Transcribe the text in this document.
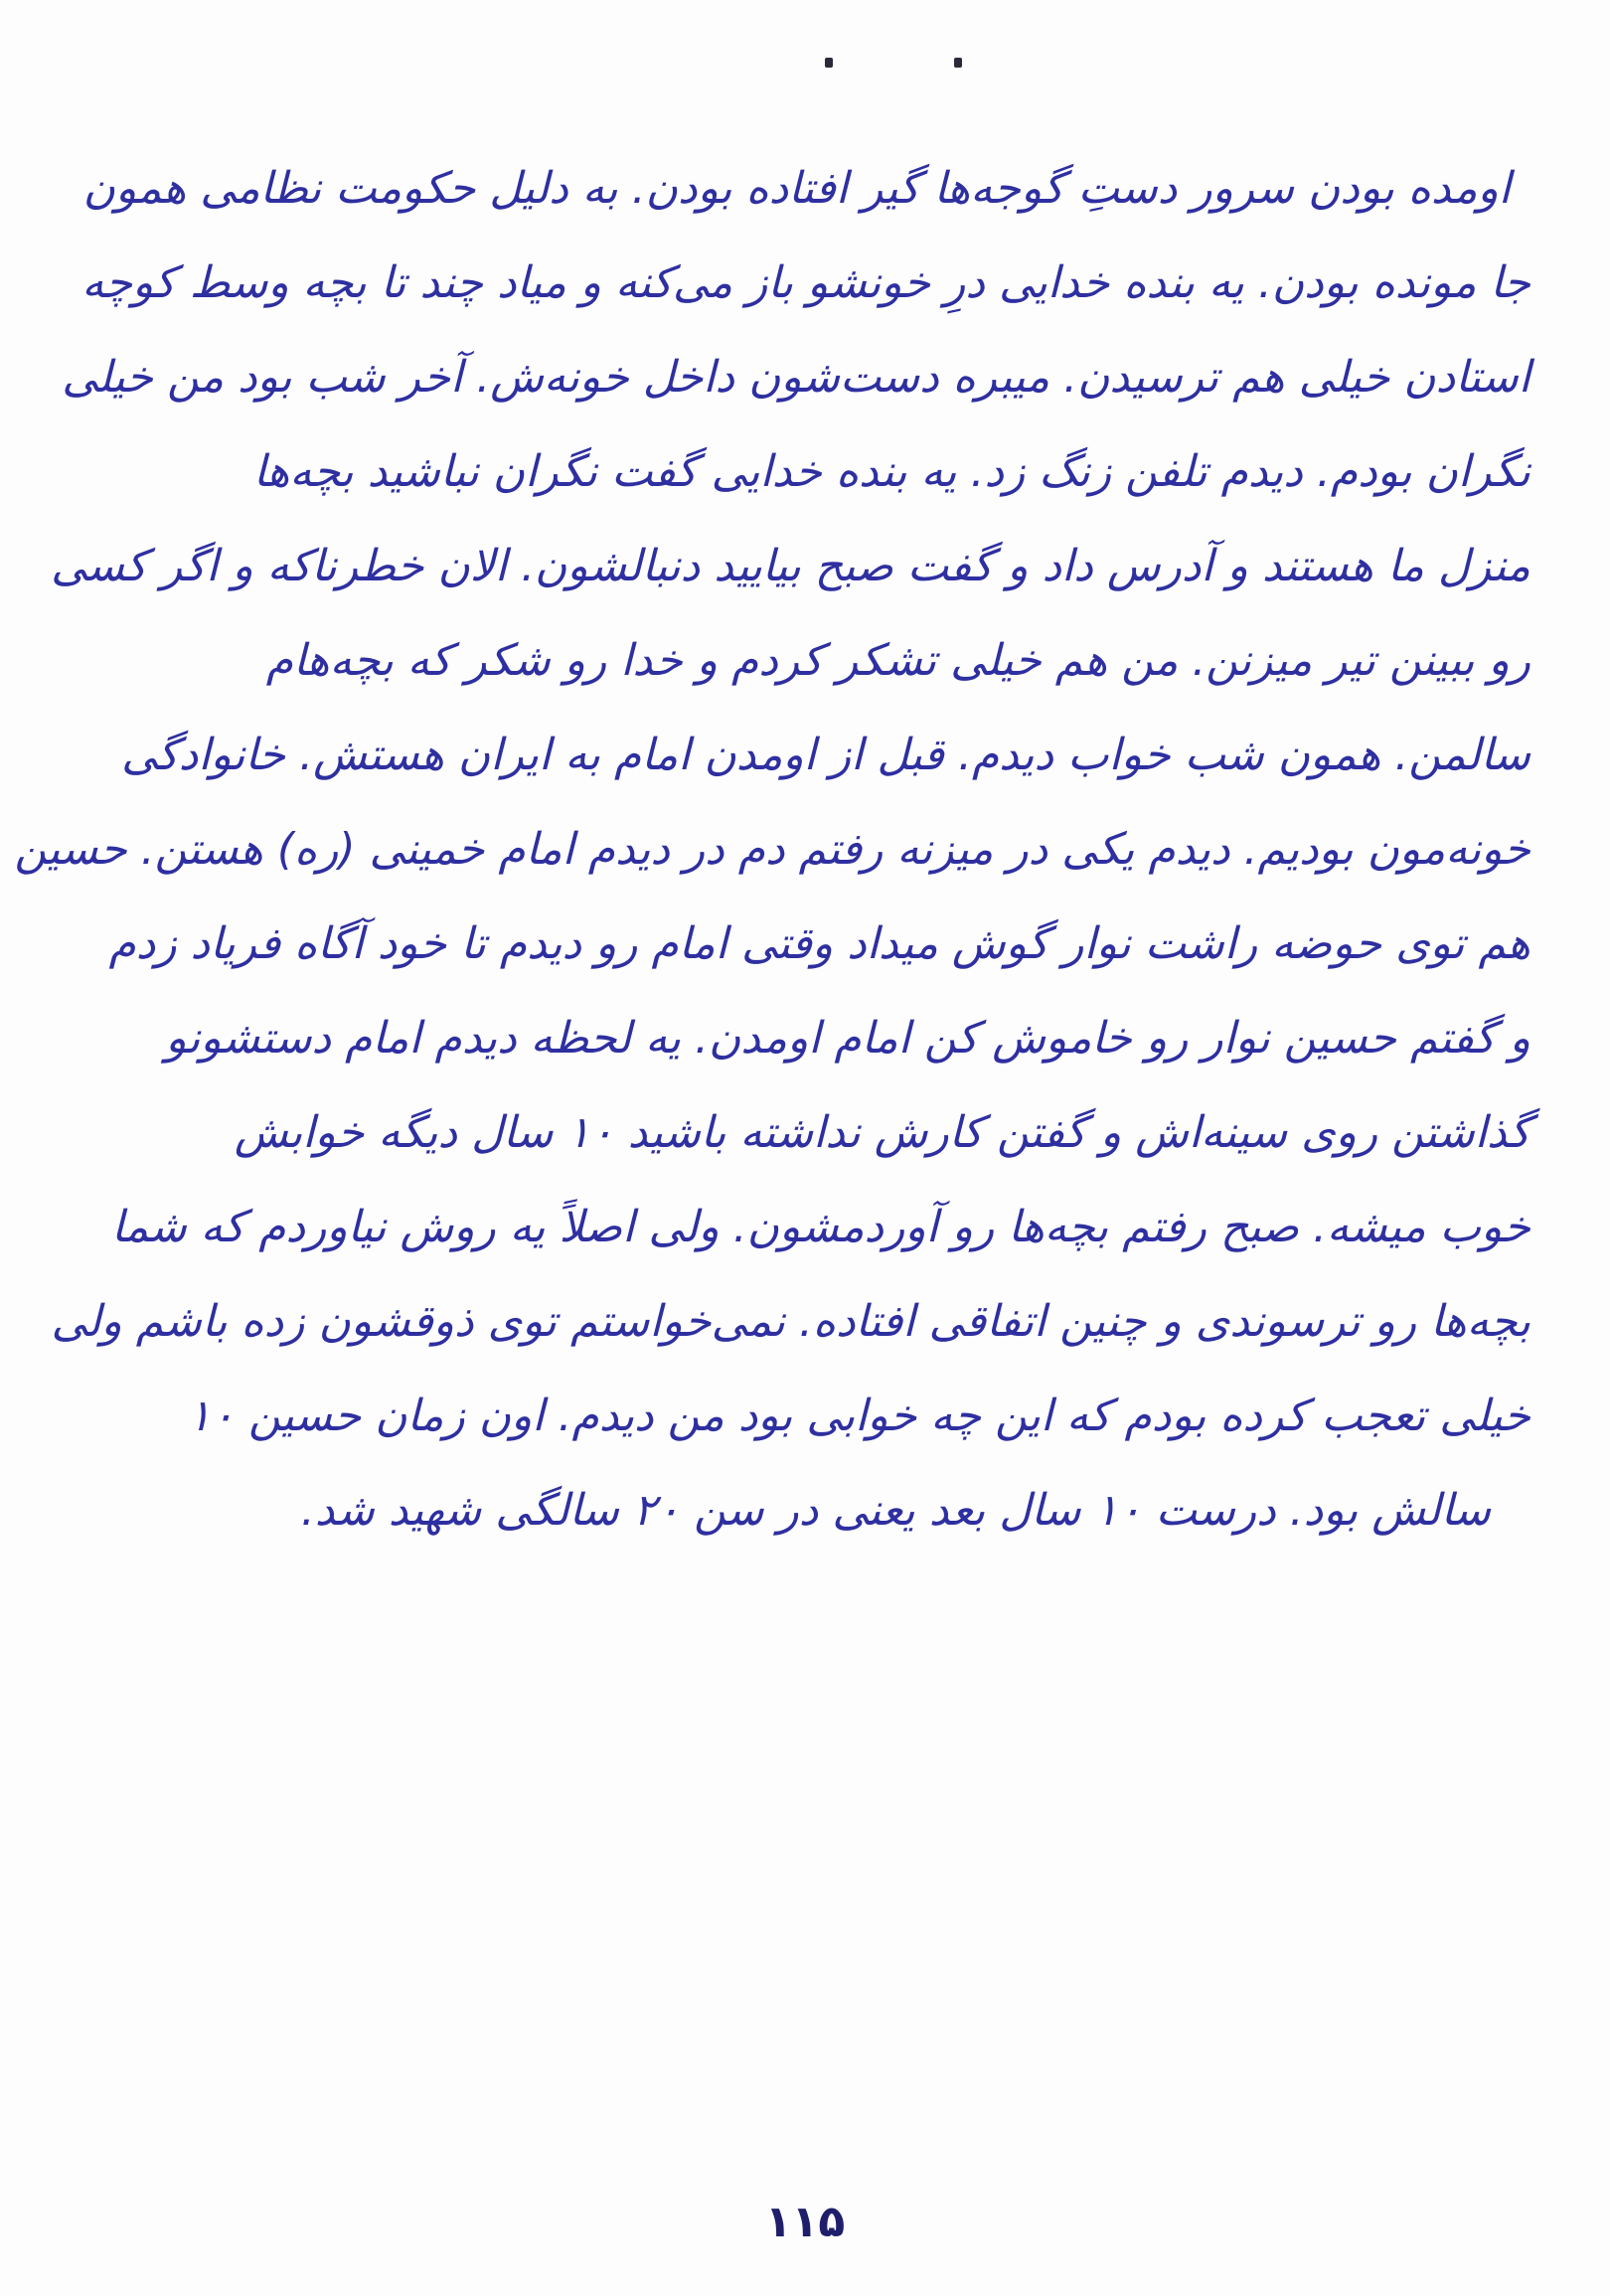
اومده بودن سرور دستِ گوجه‌ها گیر افتاده بودن. به دلیل حکومت نظامی همون
جا مونده بودن. یه بنده خدایی درِ خونشو باز می‌کنه و میاد چند تا بچه وسط کوچه
استادن خیلی هم ترسیدن. میبره دست‌شون داخل خونه‌ش. آخر شب بود من خیلی
نگران بودم. دیدم تلفن زنگ زد. یه بنده خدایی گفت نگران نباشید بچه‌ها
منزل ما هستند و آدرس داد و گفت صبح بیایید دنبالشون. الان خطرناکه و اگر کسی
رو ببینن تیر میزنن. من هم خیلی تشکر کردم و خدا رو شکر که بچه‌هام
سالمن. همون شب خواب دیدم. قبل از اومدن امام به ایران هستش. خانوادگی
خونه‌مون بودیم. دیدم یکی در میزنه رفتم دم در دیدم امام خمینی (ره) هستن. حسین
هم توی حوضه راشت نوار گوش میداد وقتی امام رو دیدم تا خود آگاه فریاد زدم
و گفتم حسین نوار رو خاموش کن امام اومدن. یه لحظه دیدم امام دستشونو
گذاشتن روی سینه‌اش و گفتن کارش نداشته باشید ۱۰ سال دیگه خوابش
خوب میشه. صبح رفتم بچه‌ها رو آوردمشون. ولی اصلاً یه روش نیاوردم که شما
بچه‌ها رو ترسوندی و چنین اتفاقی افتاده. نمی‌خواستم توی ذوقشون زده باشم ولی
خیلی تعجب کرده بودم که این چه خوابی بود من دیدم. اون زمان حسین ۱۰
سالش بود. درست ۱۰ سال بعد یعنی در سن ۲۰ سالگی شهید شد.
۱۱۵
